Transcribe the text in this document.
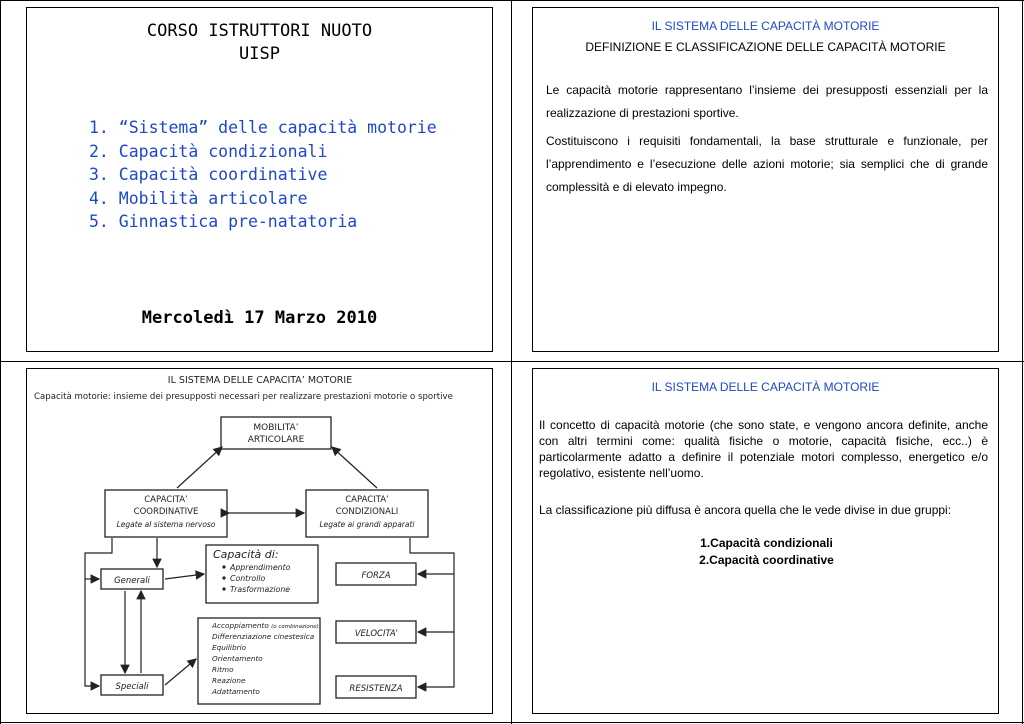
CORSO ISTRUTTORI NUOTO
UISP
1. “Sistema” delle capacità motorie
2. Capacità condizionali
3. Capacità coordinative
4. Mobilità articolare
5. Ginnastica pre-natatoria
Mercoledì 17 Marzo 2010
IL SISTEMA DELLE CAPACITÀ MOTORIE
DEFINIZIONE E CLASSIFICAZIONE DELLE CAPACITÀ MOTORIE
Le capacità motorie rappresentano l’insieme dei presupposti essenziali per la realizzazione di prestazioni sportive.
Costituiscono i requisiti fondamentali, la base strutturale e funzionale, per l’apprendimento e l’esecuzione delle azioni motorie; sia semplici che di grande complessità e di elevato impegno.
IL SISTEMA DELLE CAPACITA’ MOTORIE
Capacità motorie: insieme dei presupposti necessari per realizzare prestazioni motorie o sportive
MOBILITA’
ARTICOLARE
CAPACITA’
COORDINATIVE
Legate al sistema nervoso
CAPACITA’
CONDIZIONALI
Legate ai grandi apparati
Capacità di:
Apprendimento
Controllo
Trasformazione
Generali
Speciali
Accoppiamento (o combinazione)
Differenziazione cinestesica
Equilibrio
Orientamento
Ritmo
Reazione
Adattamento
FORZA
VELOCITA’
RESISTENZA
IL SISTEMA DELLE CAPACITÀ MOTORIE
Il concetto di capacità motorie (che sono state, e vengono ancora definite, anche con altri termini come: qualità fisiche o motorie, capacità fisiche, ecc..) è particolarmente adatto a definire il potenziale motori complesso, energetico e/o regolativo, esistente nell’uomo.
La classificazione più diffusa è ancora quella che le vede divise in due gruppi:
1.Capacità condizionali
2.Capacità coordinative
